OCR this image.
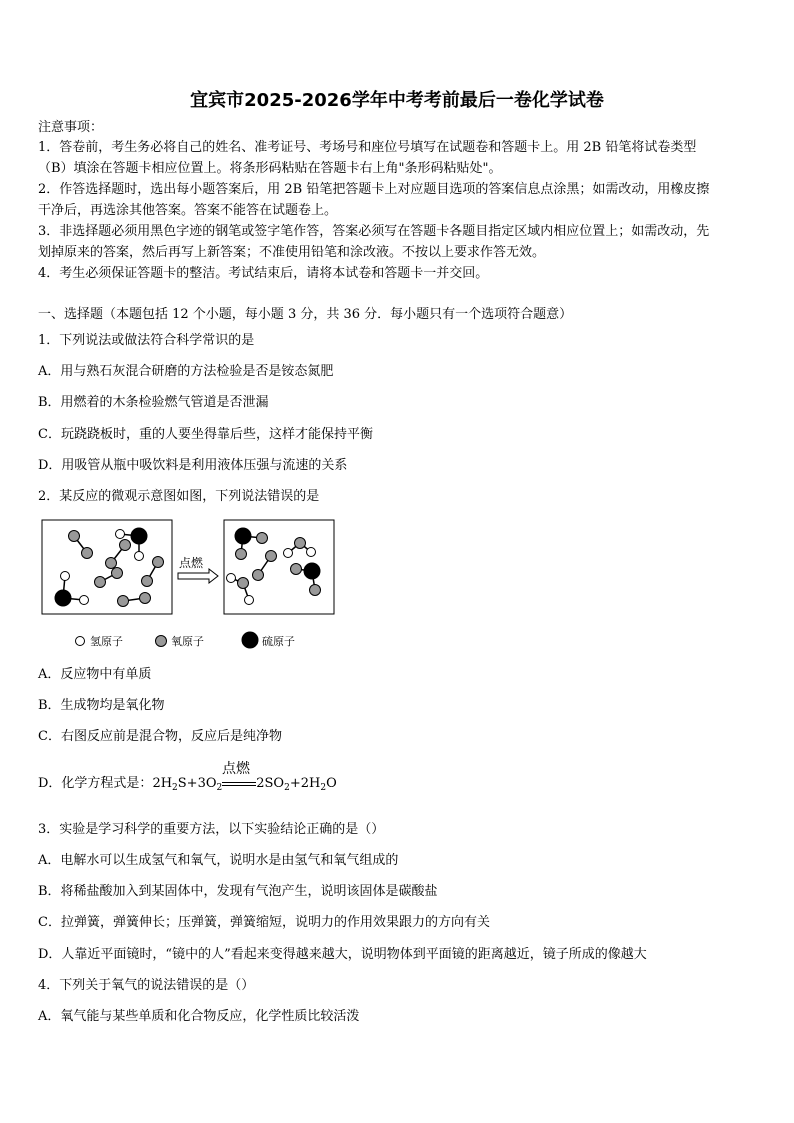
宜宾市2025-2026学年中考考前最后一卷化学试卷
注意事项：
1．答卷前，考生务必将自己的姓名、准考证号、考场号和座位号填写在试题卷和答题卡上。用 2B 铅笔将试卷类型
（B）填涂在答题卡相应位置上。将条形码粘贴在答题卡右上角"条形码粘贴处"。
2．作答选择题时，选出每小题答案后，用 2B 铅笔把答题卡上对应题目选项的答案信息点涂黑；如需改动，用橡皮擦
干净后，再选涂其他答案。答案不能答在试题卷上。
3．非选择题必须用黑色字迹的钢笔或签字笔作答，答案必须写在答题卡各题目指定区域内相应位置上；如需改动，先
划掉原来的答案，然后再写上新答案；不准使用铅笔和涂改液。不按以上要求作答无效。
4．考生必须保证答题卡的整洁。考试结束后，请将本试卷和答题卡一并交回。
一、选择题（本题包括 12 个小题，每小题 3 分，共 36 分．每小题只有一个选项符合题意）
1．下列说法或做法符合科学常识的是
A．用与熟石灰混合研磨的方法检验是否是铵态氮肥
B．用燃着的木条检验燃气管道是否泄漏
C．玩跷跷板时，重的人要坐得靠后些，这样才能保持平衡
D．用吸管从瓶中吸饮料是利用液体压强与流速的关系
2．某反应的微观示意图如图，下列说法错误的是
点燃
氢原子	氧原子	硫原子
A．反应物中有单质
B．生成物均是氧化物
C．右图反应前是混合物，反应后是纯净物
D．化学方程式是：$2H_2S+3O_2$	$2SO_2+2H_2O$
点燃
3．实验是学习科学的重要方法，以下实验结论正确的是（）
A．电解水可以生成氢气和氧气，说明水是由氢气和氧气组成的
B．将稀盐酸加入到某固体中，发现有气泡产生，说明该固体是碳酸盐
C．拉弹簧，弹簧伸长；压弹簧，弹簧缩短，说明力的作用效果跟力的方向有关
D．人靠近平面镜时，“镜中的人”看起来变得越来越大，说明物体到平面镜的距离越近，镜子所成的像越大
4．下列关于氧气的说法错误的是（）
A．氧气能与某些单质和化合物反应，化学性质比较活泼
